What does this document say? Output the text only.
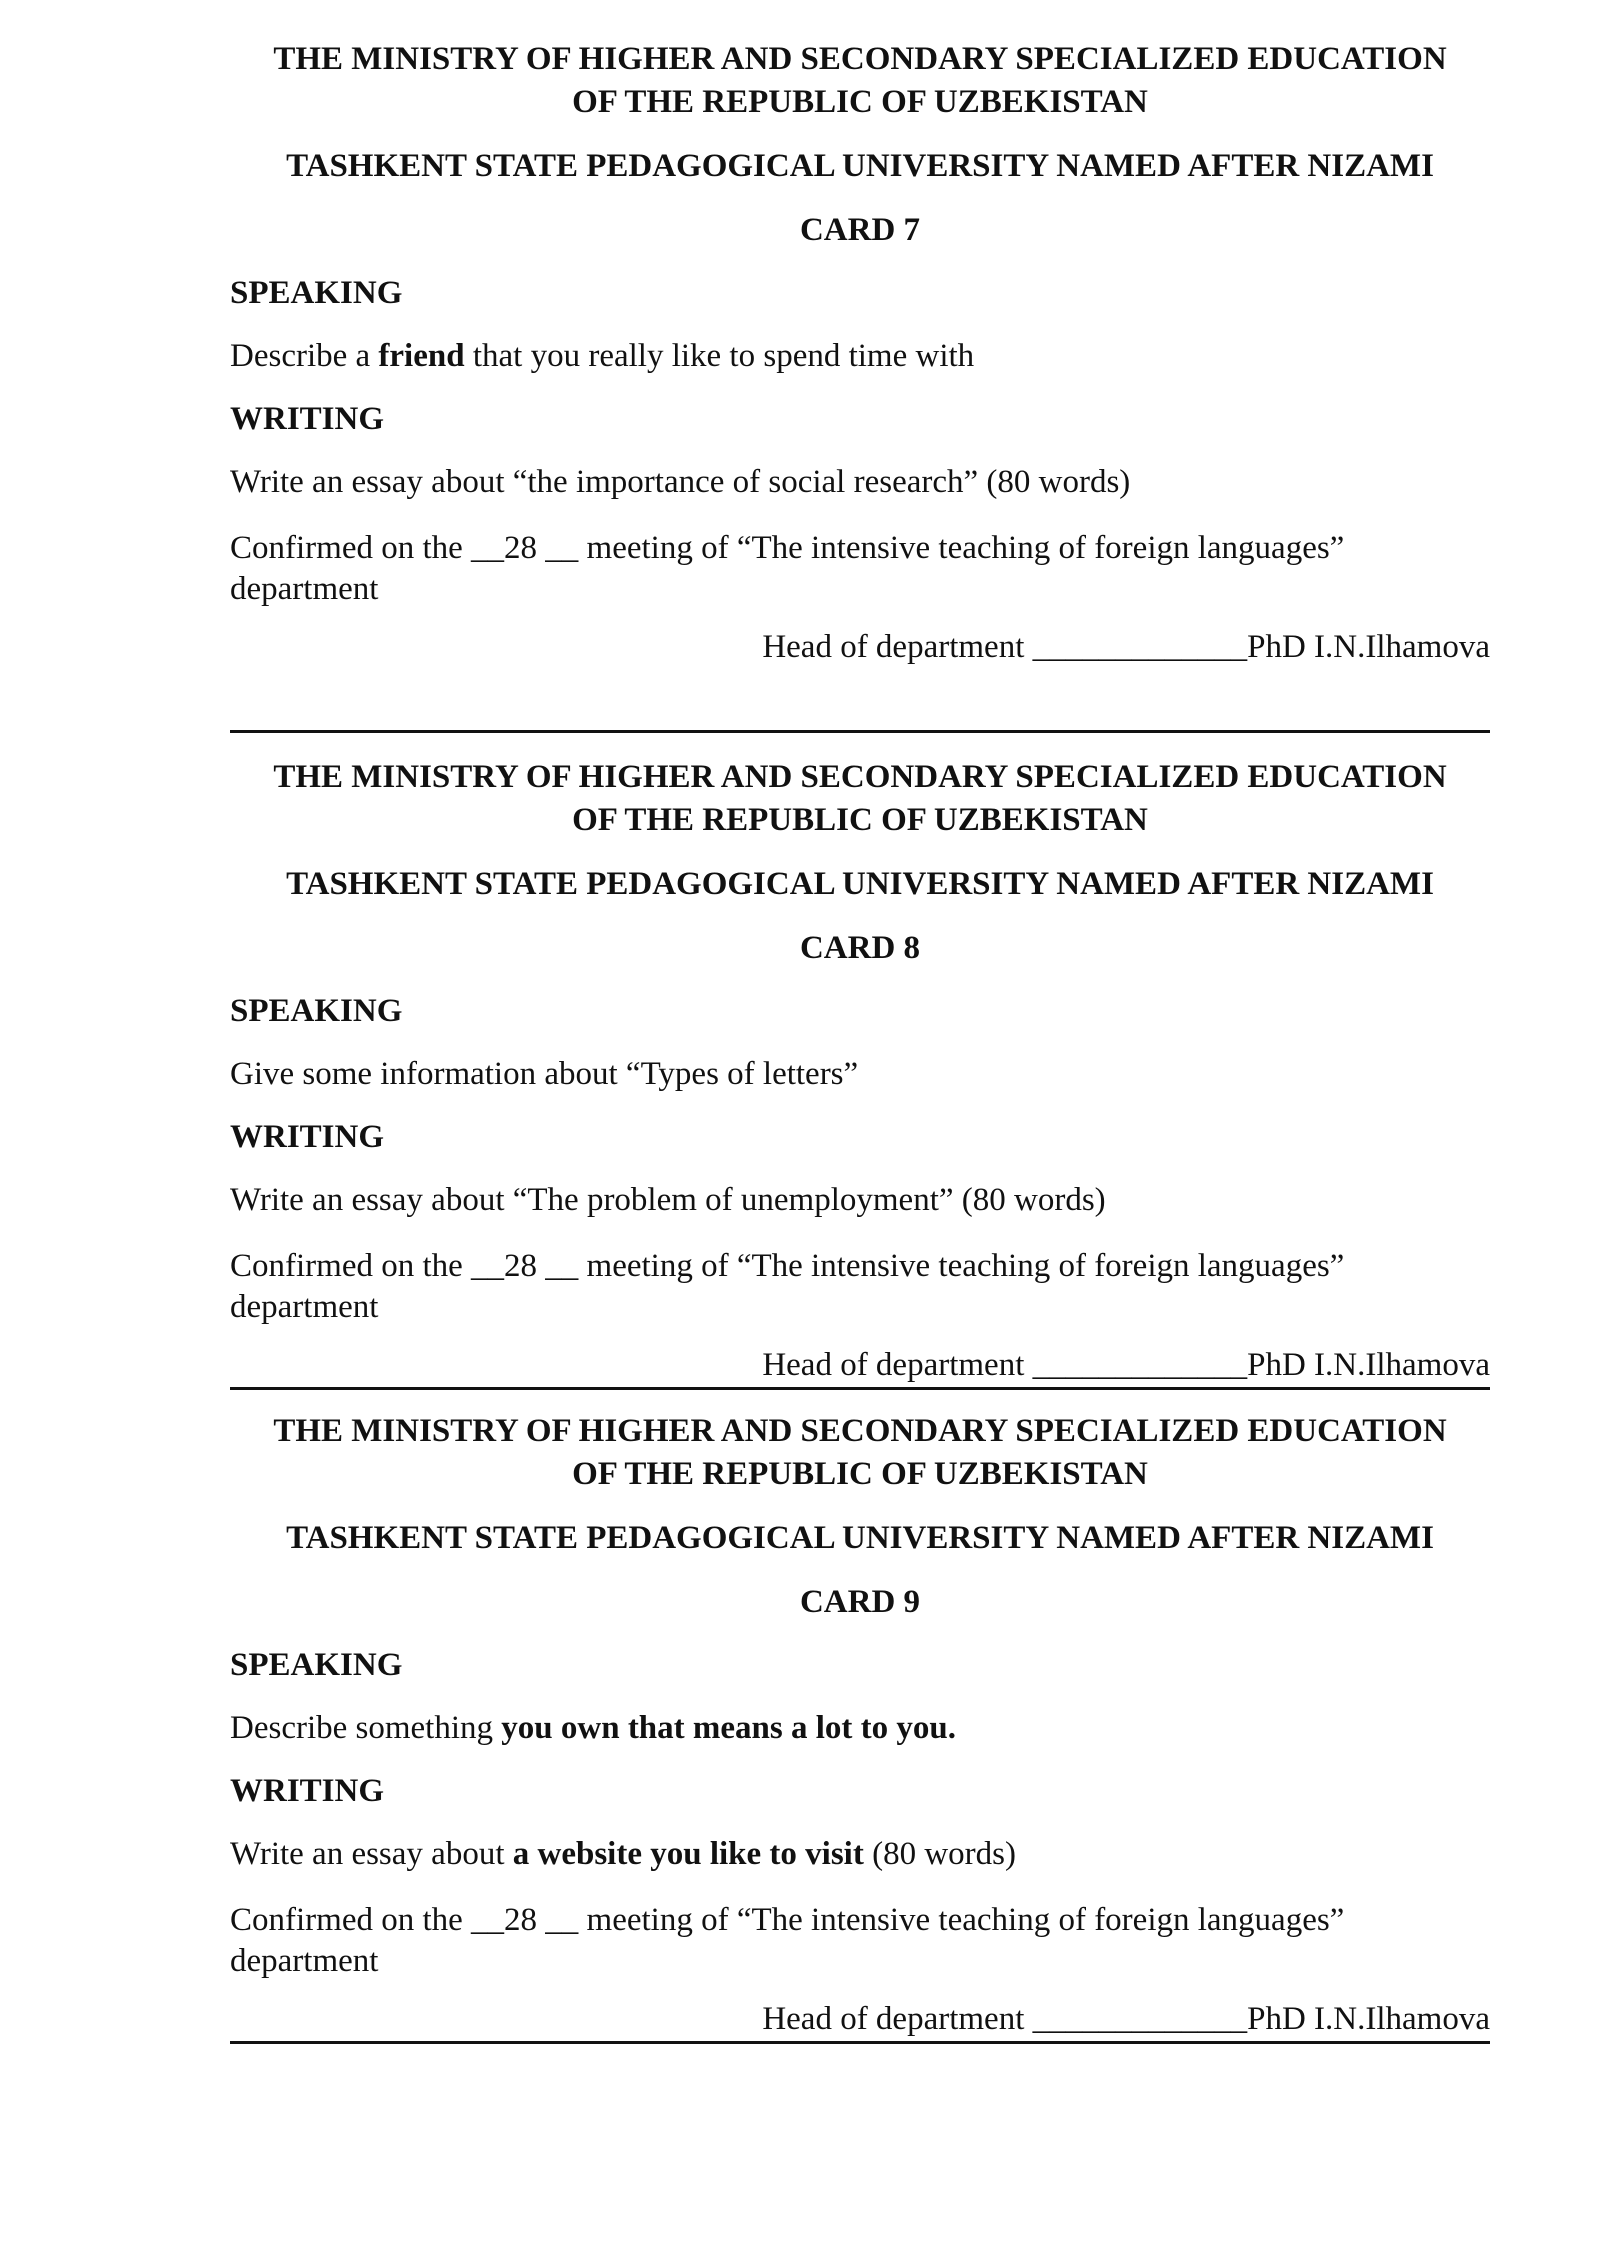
THE MINISTRY OF HIGHER AND SECONDARY SPECIALIZED EDUCATION
OF THE REPUBLIC OF UZBEKISTAN
TASHKENT STATE PEDAGOGICAL UNIVERSITY NAMED AFTER NIZAMI
CARD 7
SPEAKING
Describe a friend that you really like to spend time with
WRITING
Write an essay about “the importance of social research” (80 words)
Confirmed on the __28 __ meeting of “The intensive teaching of foreign languages”
department
Head of department _____________PhD I.N.Ilhamova
THE MINISTRY OF HIGHER AND SECONDARY SPECIALIZED EDUCATION
OF THE REPUBLIC OF UZBEKISTAN
TASHKENT STATE PEDAGOGICAL UNIVERSITY NAMED AFTER NIZAMI
CARD 8
SPEAKING
Give some information about “Types of letters”
WRITING
Write an essay about “The problem of unemployment” (80 words)
Confirmed on the __28 __ meeting of “The intensive teaching of foreign languages”
department
Head of department _____________PhD I.N.Ilhamova
THE MINISTRY OF HIGHER AND SECONDARY SPECIALIZED EDUCATION
OF THE REPUBLIC OF UZBEKISTAN
TASHKENT STATE PEDAGOGICAL UNIVERSITY NAMED AFTER NIZAMI
CARD 9
SPEAKING
Describe something you own that means a lot to you.
WRITING
Write an essay about a website you like to visit (80 words)
Confirmed on the __28 __ meeting of “The intensive teaching of foreign languages”
department
Head of department _____________PhD I.N.Ilhamova
